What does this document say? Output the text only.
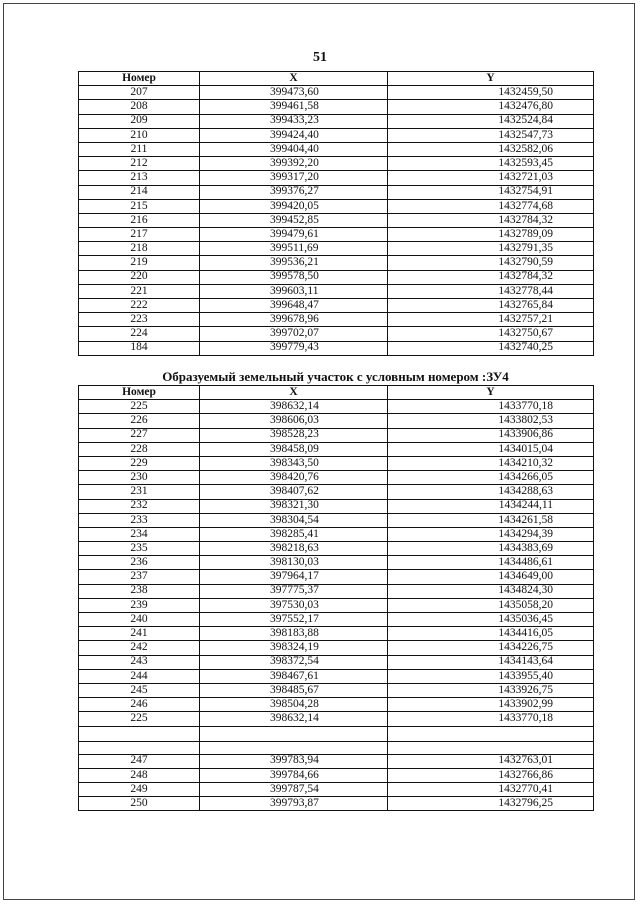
51
Номер	X	Y
207	399473,60	1432459,50
208	399461,58	1432476,80
209	399433,23	1432524,84
210	399424,40	1432547,73
211	399404,40	1432582,06
212	399392,20	1432593,45
213	399317,20	1432721,03
214	399376,27	1432754,91
215	399420,05	1432774,68
216	399452,85	1432784,32
217	399479,61	1432789,09
218	399511,69	1432791,35
219	399536,21	1432790,59
220	399578,50	1432784,32
221	399603,11	1432778,44
222	399648,47	1432765,84
223	399678,96	1432757,21
224	399702,07	1432750,67
184	399779,43	1432740,25
Образуемый земельный участок с условным номером :ЗУ4
Номер	X	Y
225	398632,14	1433770,18
226	398606,03	1433802,53
227	398528,23	1433906,86
228	398458,09	1434015,04
229	398343,50	1434210,32
230	398420,76	1434266,05
231	398407,62	1434288,63
232	398321,30	1434244,11
233	398304,54	1434261,58
234	398285,41	1434294,39
235	398218,63	1434383,69
236	398130,03	1434486,61
237	397964,17	1434649,00
238	397775,37	1434824,30
239	397530,03	1435058,20
240	397552,17	1435036,45
241	398183,88	1434416,05
242	398324,19	1434226,75
243	398372,54	1434143,64
244	398467,61	1433955,40
245	398485,67	1433926,75
246	398504,28	1433902,99
225	398632,14	1433770,18

247	399783,94	1432763,01
248	399784,66	1432766,86
249	399787,54	1432770,41
250	399793,87	1432796,25
